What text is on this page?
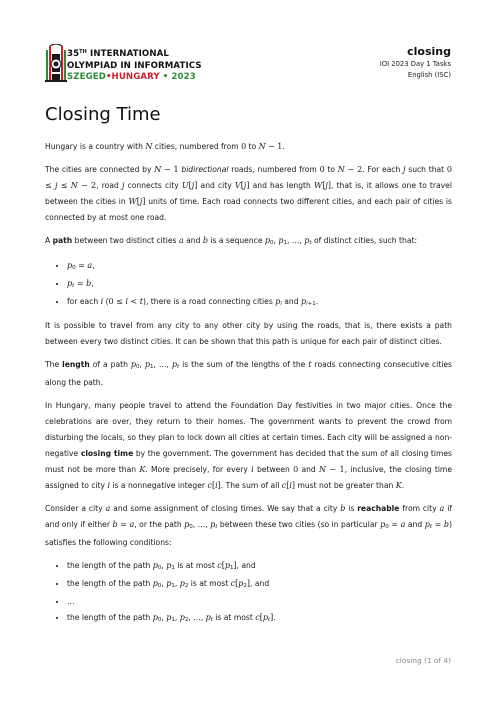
35TH INTERNATIONAL
OLYMPIAD IN INFORMATICS
SZEGED•HUNGARY • 2023
closing
IOI 2023 Day 1 Tasks
English (ISC)
Closing Time

Hungary is a country with N cities, numbered from 0 to N − 1.

The cities are connected by N − 1 bidirectional roads, numbered from 0 to N − 2. For each j such that 0 ≤ j ≤ N − 2, road j connects city U[j] and city V[j] and has length W[j], that is, it allows one to travel between the cities in W[j] units of time. Each road connects two different cities, and each pair of cities is connected by at most one road.

A path between two distinct cities a and b is a sequence p0, p1, …, pt of distinct cities, such that:

• p0 = a,
• pt = b,
• for each i (0 ≤ i < t), there is a road connecting cities pi and pi+1.

It is possible to travel from any city to any other city by using the roads, that is, there exists a path between every two distinct cities. It can be shown that this path is unique for each pair of distinct cities.

The length of a path p0, p1, …, pt is the sum of the lengths of the t roads connecting consecutive cities along the path.

In Hungary, many people travel to attend the Foundation Day festivities in two major cities. Once the celebrations are over, they return to their homes. The government wants to prevent the crowd from disturbing the locals, so they plan to lock down all cities at certain times. Each city will be assigned a non-negative closing time by the government. The government has decided that the sum of all closing times must not be more than K. More precisely, for every i between 0 and N − 1, inclusive, the closing time assigned to city i is a nonnegative integer c[i]. The sum of all c[i] must not be greater than K.

Consider a city a and some assignment of closing times. We say that a city b is reachable from city a if and only if either b = a, or the path p0, …, pt between these two cities (so in particular p0 = a and pt = b) satisfies the following conditions:

• the length of the path p0, p1 is at most c[p1], and
• the length of the path p0, p1, p2 is at most c[p2], and
• …
• the length of the path p0, p1, p2, …, pt is at most c[pt].
closing (1 of 4)
